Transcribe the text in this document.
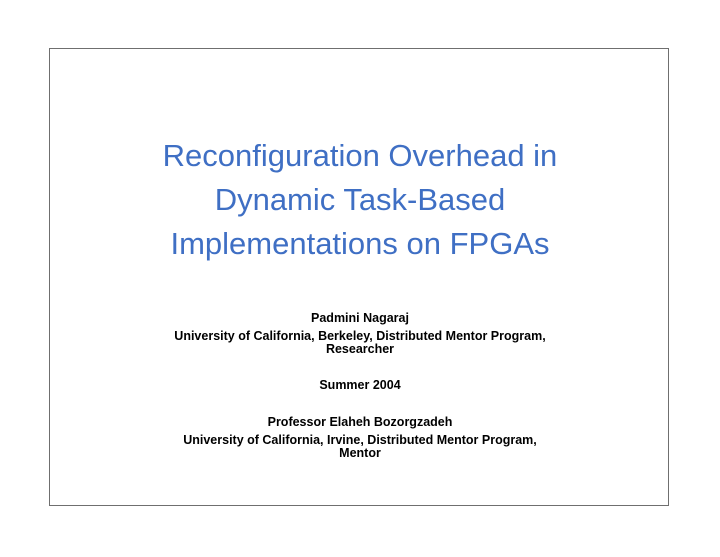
Reconfiguration Overhead in
Dynamic Task-Based
Implementations on FPGAs
Padmini Nagaraj
University of California, Berkeley, Distributed Mentor Program,
Researcher
Summer 2004
Professor Elaheh Bozorgzadeh
University of California, Irvine, Distributed Mentor Program,
Mentor
